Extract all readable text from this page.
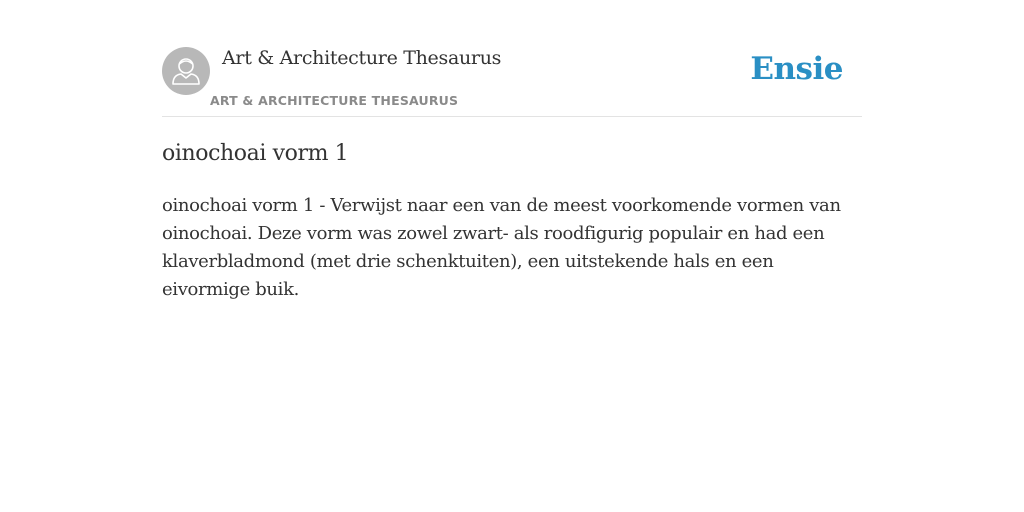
Art & Architecture Thesaurus
ART & ARCHITECTURE THESAURUS
Ensie
oinochoai vorm 1

oinochoai vorm 1 - Verwijst naar een van de meest voorkomende vormen van oinochoai. Deze vorm was zowel zwart- als roodfigurig populair en had een klaverbladmond (met drie schenktuiten), een uitstekende hals en een eivormige buik.
